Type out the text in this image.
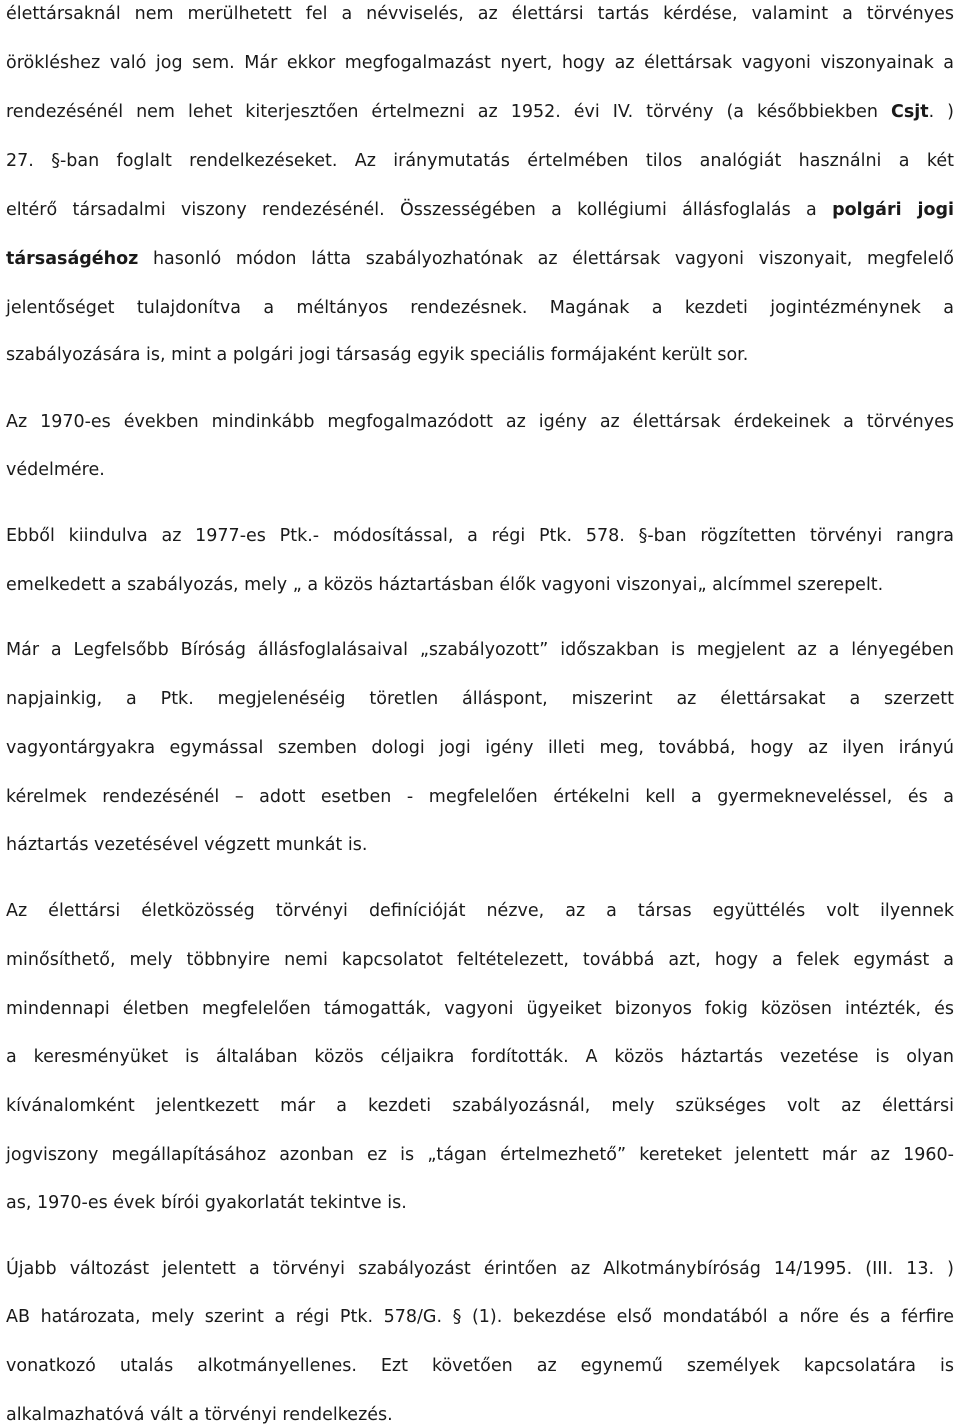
élettársaknál nem merülhetett fel a névviselés, az élettársi tartás kérdése, valamint a törvényes
örökléshez való jog sem. Már ekkor megfogalmazást nyert, hogy az élettársak vagyoni viszonyainak a
rendezésénél nem lehet kiterjesztően értelmezni az 1952. évi IV. törvény (a későbbiekben Csjt. )
27. §-ban foglalt rendelkezéseket. Az iránymutatás értelmében tilos analógiát használni a két
eltérő társadalmi viszony rendezésénél. Összességében a kollégiumi állásfoglalás a polgári jogi
társaságéhoz hasonló módon látta szabályozhatónak az élettársak vagyoni viszonyait, megfelelő
jelentőséget tulajdonítva a méltányos rendezésnek. Magának a kezdeti jogintézménynek a
szabályozására is, mint a polgári jogi társaság egyik speciális formájaként került sor.
Az 1970-es években mindinkább megfogalmazódott az igény az élettársak érdekeinek a törvényes
védelmére.
Ebből kiindulva az 1977-es Ptk.- módosítással, a régi Ptk. 578. §-ban rögzítetten törvényi rangra
emelkedett a szabályozás, mely „ a közös háztartásban élők vagyoni viszonyai„ alcímmel szerepelt.
Már a Legfelsőbb Bíróság állásfoglalásaival „szabályozott” időszakban is megjelent az a lényegében
napjainkig, a Ptk. megjelenéséig töretlen álláspont, miszerint az élettársakat a szerzett
vagyontárgyakra egymással szemben dologi jogi igény illeti meg, továbbá, hogy az ilyen irányú
kérelmek rendezésénél – adott esetben - megfelelően értékelni kell a gyermekneveléssel, és a
háztartás vezetésével végzett munkát is.
Az élettársi életközösség törvényi definícióját nézve, az a társas együttélés volt ilyennek
minősíthető, mely többnyire nemi kapcsolatot feltételezett, továbbá azt, hogy a felek egymást a
mindennapi életben megfelelően támogatták, vagyoni ügyeiket bizonyos fokig közösen intézték, és
a keresményüket is általában közös céljaikra fordították. A közös háztartás vezetése is olyan
kívánalomként jelentkezett már a kezdeti szabályozásnál, mely szükséges volt az élettársi
jogviszony megállapításához azonban ez is „tágan értelmezhető” kereteket jelentett már az 1960-
as, 1970-es évek bírói gyakorlatát tekintve is.
Újabb változást jelentett a törvényi szabályozást érintően az Alkotmánybíróság 14/1995. (III. 13. )
AB határozata, mely szerint a régi Ptk. 578/G. § (1). bekezdése első mondatából a nőre és a férfire
vonatkozó utalás alkotmányellenes. Ezt követően az egynemű személyek kapcsolatára is
alkalmazhatóvá vált a törvényi rendelkezés.
